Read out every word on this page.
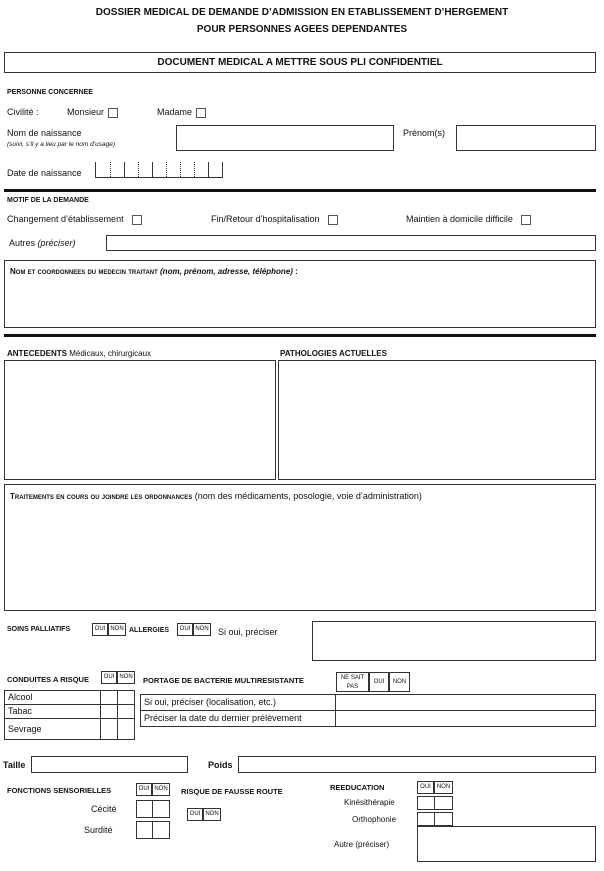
DOSSIER MEDICAL DE DEMANDE D’ADMISSION EN ETABLISSEMENT D’HERGEMENT
POUR PERSONNES AGEES DEPENDANTES
DOCUMENT MEDICAL A METTRE SOUS PLI CONFIDENTIEL
PERSONNE CONCERNEE
Civilité :	Monsieur	Madame
Nom de naissance
(suivi, s’il y a lieu par le nom d’usage)
Prénom(s)
Date de naissance
MOTIF DE LA DEMANDE
Changement d’établissement	Fin/Retour d’hospitalisation	Maintien à domicile difficile
Autres (préciser)
Nom et coordonnees du medecin traitant (nom, prénom, adresse, téléphone) :
ANTECEDENTS Médicaux, chirurgicaux	PATHOLOGIES ACTUELLES
Traitements en cours ou joindre les ordonnances (nom des médicaments, posologie, voie d’administration)
SOINS PALLIATIFS	OUI NON ALLERGIES	OUI NON Si oui, préciser
CONDUITES A RISQUE	OUI NON
Alcool
Tabac
Sevrage
PORTAGE DE BACTERIE MULTIRESISTANTE	NE SAIT PAS
OUI	NON
Si oui, préciser (localisation, etc.)
Préciser la date du dernier prélèvement
Taille	Poids
FONCTIONS SENSORIELLES	OUI NON
Cécité
Surdité
RISQUE DE FAUSSE ROUTE
OUI NON
REEDUCATION	OUI	NON
Kinésithérapie
Orthophonie
Autre (préciser)
